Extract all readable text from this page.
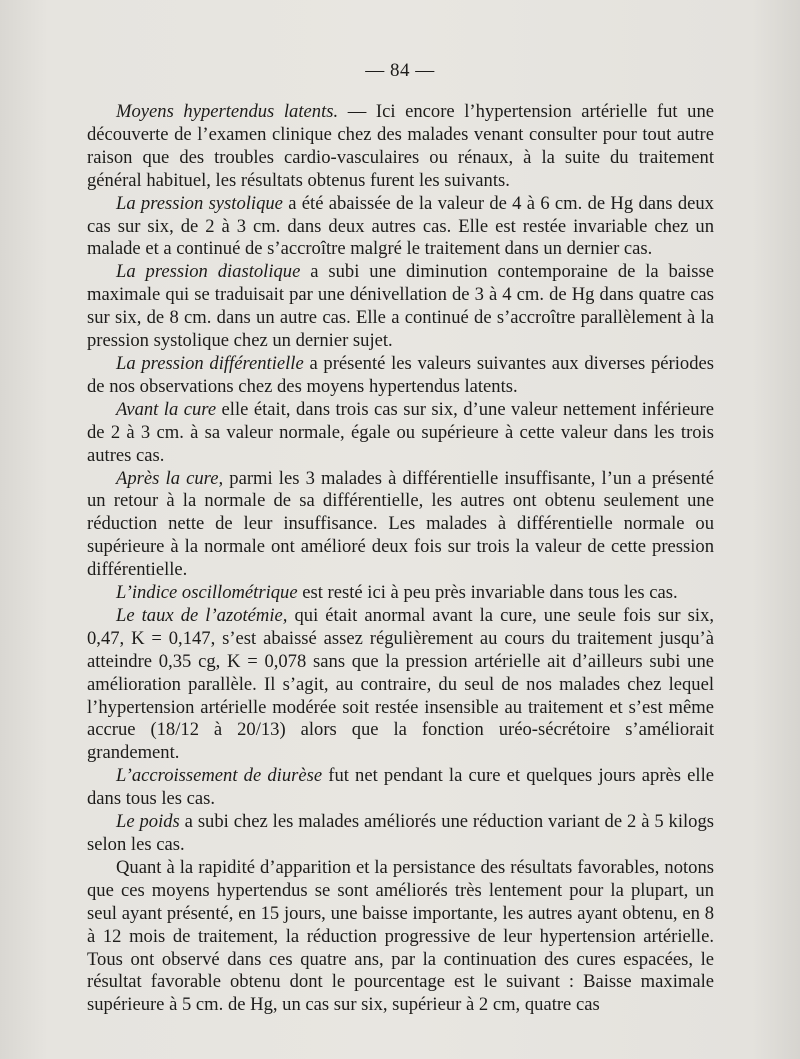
— 84 —

Moyens hypertendus latents. — Ici encore l’hypertension artérielle fut une découverte de l’examen clinique chez des malades venant consulter pour tout autre raison que des troubles cardio-vasculaires ou rénaux, à la suite du traitement général habituel, les résultats obtenus furent les suivants.

La pression systolique a été abaissée de la valeur de 4 à 6 cm. de Hg dans deux cas sur six, de 2 à 3 cm. dans deux autres cas. Elle est restée invariable chez un malade et a continué de s’accroître malgré le traitement dans un dernier cas.

La pression diastolique a subi une diminution contemporaine de la baisse maximale qui se traduisait par une dénivellation de 3 à 4 cm. de Hg dans quatre cas sur six, de 8 cm. dans un autre cas. Elle a continué de s’accroître parallèlement à la pression systolique chez un dernier sujet.

La pression différentielle a présenté les valeurs suivantes aux diverses périodes de nos observations chez des moyens hypertendus latents.

Avant la cure elle était, dans trois cas sur six, d’une valeur nettement inférieure de 2 à 3 cm. à sa valeur normale, égale ou supérieure à cette valeur dans les trois autres cas.

Après la cure, parmi les 3 malades à différentielle insuffisante, l’un a présenté un retour à la normale de sa différentielle, les autres ont obtenu seulement une réduction nette de leur insuffisance. Les malades à différentielle normale ou supérieure à la normale ont amélioré deux fois sur trois la valeur de cette pression différentielle.

L’indice oscillométrique est resté ici à peu près invariable dans tous les cas.

Le taux de l’azotémie, qui était anormal avant la cure, une seule fois sur six, 0,47, K = 0,147, s’est abaissé assez régulièrement au cours du traitement jusqu’à atteindre 0,35 cg, K = 0,078 sans que la pression artérielle ait d’ailleurs subi une amélioration parallèle. Il s’agit, au contraire, du seul de nos malades chez lequel l’hypertension artérielle modérée soit restée insensible au traitement et s’est même accrue (18/12 à 20/13) alors que la fonction uréo-sécrétoire s’améliorait grandement.

L’accroissement de diurèse fut net pendant la cure et quelques jours après elle dans tous les cas.

Le poids a subi chez les malades améliorés une réduction variant de 2 à 5 kilogs selon les cas.

Quant à la rapidité d’apparition et la persistance des résultats favorables, notons que ces moyens hypertendus se sont améliorés très lentement pour la plupart, un seul ayant présenté, en 15 jours, une baisse importante, les autres ayant obtenu, en 8 à 12 mois de traitement, la réduction progressive de leur hypertension artérielle. Tous ont observé dans ces quatre ans, par la continuation des cures espacées, le résultat favorable obtenu dont le pourcentage est le suivant : Baisse maximale supérieure à 5 cm. de Hg, un cas sur six, supérieur à 2 cm, quatre cas
